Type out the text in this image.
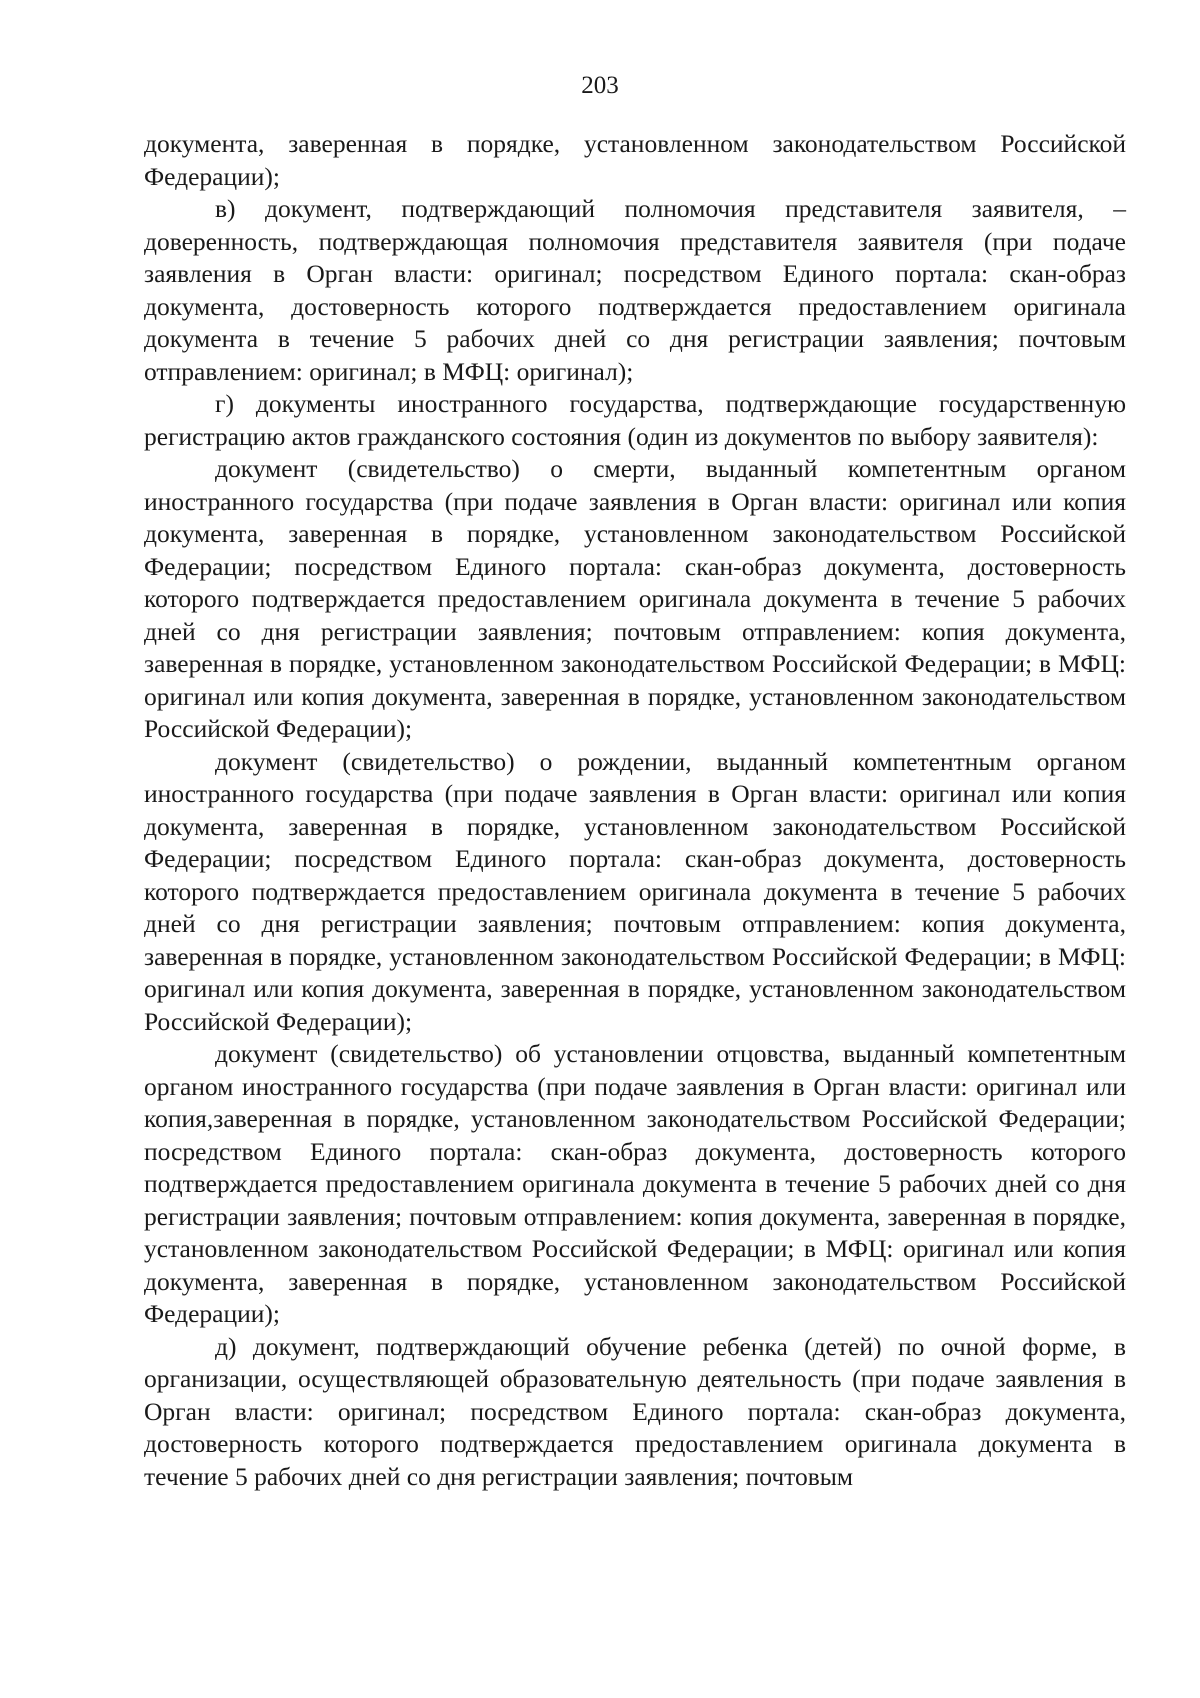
203

документа, заверенная в порядке, установленном законодательством Российской Федерации);

в) документ, подтверждающий полномочия представителя заявителя, – доверенность, подтверждающая полномочия представителя заявителя (при подаче заявления в Орган власти: оригинал; посредством Единого портала: скан-образ документа, достоверность которого подтверждается предоставлением оригинала документа в течение 5 рабочих дней со дня регистрации заявления; почтовым отправлением: оригинал; в МФЦ: оригинал);

г) документы иностранного государства, подтверждающие государственную регистрацию актов гражданского состояния (один из документов по выбору заявителя):

документ (свидетельство) о смерти, выданный компетентным органом иностранного государства (при подаче заявления в Орган власти: оригинал или копия документа, заверенная в порядке, установленном законодательством Российской Федерации; посредством Единого портала: скан-образ документа, достоверность которого подтверждается предоставлением оригинала документа в течение 5 рабочих дней со дня регистрации заявления; почтовым отправлением: копия документа, заверенная в порядке, установленном законодательством Российской Федерации; в МФЦ: оригинал или копия документа, заверенная в порядке, установленном законодательством Российской Федерации);

документ (свидетельство) о рождении, выданный компетентным органом иностранного государства (при подаче заявления в Орган власти: оригинал или копия документа, заверенная в порядке, установленном законодательством Российской Федерации; посредством Единого портала: скан-образ документа, достоверность которого подтверждается предоставлением оригинала документа в течение 5 рабочих дней со дня регистрации заявления; почтовым отправлением: копия документа, заверенная в порядке, установленном законодательством Российской Федерации; в МФЦ: оригинал или копия документа, заверенная в порядке, установленном законодательством Российской Федерации);

документ (свидетельство) об установлении отцовства, выданный компетентным органом иностранного государства (при подаче заявления в Орган власти: оригинал или копия,заверенная в порядке, установленном законодательством Российской Федерации; посредством Единого портала: скан-образ документа, достоверность которого подтверждается предоставлением оригинала документа в течение 5 рабочих дней со дня регистрации заявления; почтовым отправлением: копия документа, заверенная в порядке, установленном законодательством Российской Федерации; в МФЦ: оригинал или копия документа, заверенная в порядке, установленном законодательством Российской Федерации);

д) документ, подтверждающий обучение ребенка (детей) по очной форме, в организации, осуществляющей образовательную деятельность (при подаче заявления в Орган власти: оригинал; посредством Единого портала: скан-образ документа, достоверность которого подтверждается предоставлением оригинала документа в течение 5 рабочих дней со дня регистрации заявления; почтовым
